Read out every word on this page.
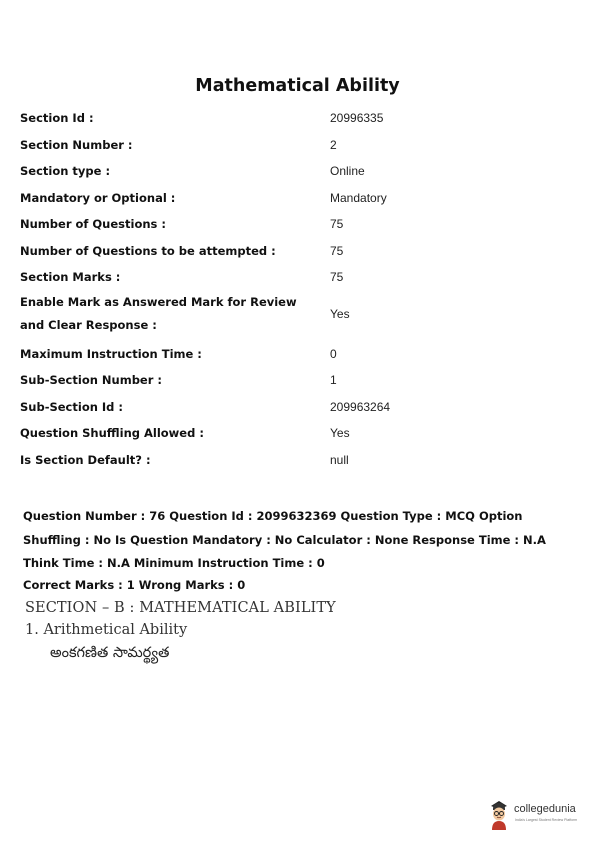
Mathematical Ability
Section Id :	20996335
Section Number :	2
Section type :	Online
Mandatory or Optional :	Mandatory
Number of Questions :	75
Number of Questions to be attempted :	75
Section Marks :	75
Enable Mark as Answered Mark for Review and Clear Response :
Yes
Maximum Instruction Time :	0
Sub-Section Number :	1
Sub-Section Id :	209963264
Question Shuffling Allowed :	Yes
Is Section Default? :	null
Question Number : 76 Question Id : 2099632369 Question Type : MCQ Option Shuffling : No Is Question Mandatory : No Calculator : None Response Time : N.A Think Time : N.A Minimum Instruction Time : 0
Correct Marks : 1 Wrong Marks : 0
SECTION – B : MATHEMATICAL ABILITY
1. Arithmetical Ability
అంకగణిత సామర్థ్యత
collegedunia
India's Largest Student Review Platform
